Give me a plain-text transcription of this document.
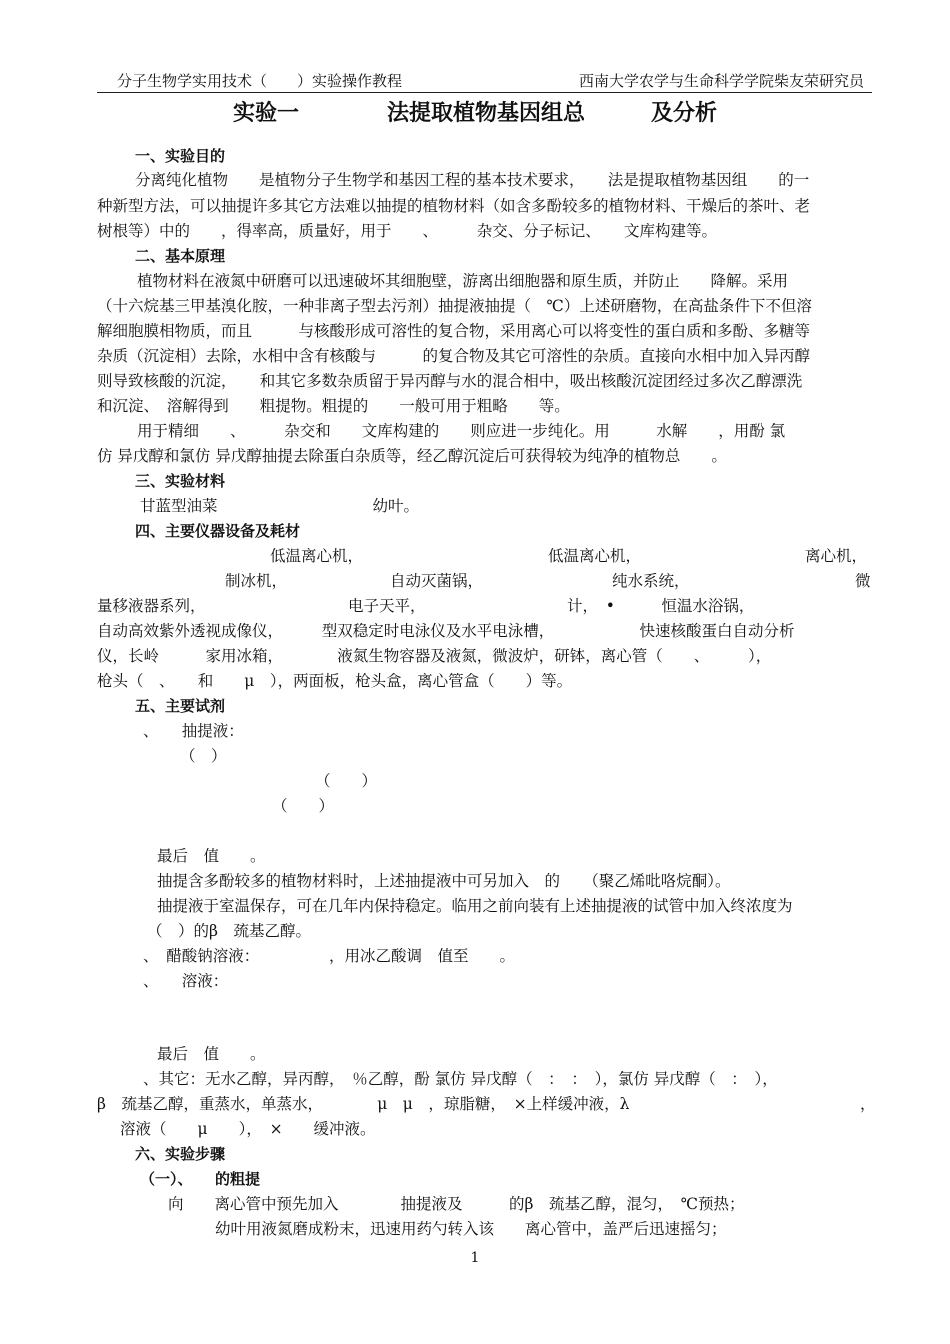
分子生物学实用技术（　　）实验操作教程	西南大学农学与生命科学学院柴友荣研究员
实验一　　　　法提取植物基因组总　　　及分析
一、实验目的
分离纯化植物　　是植物分子生物学和基因工程的基本技术要求，　　法是提取植物基因组　　的一
种新型方法，可以抽提许多其它方法难以抽提的植物材料（如含多酚较多的植物材料、干燥后的茶叶、老
树根等）中的　　，得率高，质量好，用于　　、　　　杂交、分子标记、　　文库构建等。
二、基本原理
植物材料在液氮中研磨可以迅速破坏其细胞壁，游离出细胞器和原生质，并防止　　降解。采用
（十六烷基三甲基溴化胺，一种非离子型去污剂）抽提液抽提（　℃）上述研磨物，在高盐条件下不但溶
解细胞膜相物质，而且　　　与核酸形成可溶性的复合物，采用离心可以将变性的蛋白质和多酚、多糖等
杂质（沉淀相）去除，水相中含有核酸与　　　的复合物及其它可溶性的杂质。直接向水相中加入异丙醇
则导致核酸的沉淀，　　和其它多数杂质留于异丙醇与水的混合相中，吸出核酸沉淀团经过多次乙醇漂洗
和沉淀、　溶解得到　　粗提物。粗提的　　一般可用于粗略　　等。
用于精细　　、　　　杂交和　　文库构建的　　则应进一步纯化。用　　　水解　　，用酚 氯
仿 异戊醇和氯仿 异戊醇抽提去除蛋白杂质等，经乙醇沉淀后可获得较为纯净的植物总　　。
三、实验材料
甘蓝型油菜　　　　　　　　　　幼叶。
四、主要仪器设备及耗材
低温离心机，	低温离心机，	离心机，
制冰机，	自动灭菌锅，	纯水系统，	微
量移液器系列，	电子天平，	计，　•　　　恒温水浴锅，
自动高效紫外透视成像仪，　　　型双稳定时电泳仪及水平电泳槽，　　　　　　快速核酸蛋白自动分析
仪，长岭　　　家用冰箱，　　　　液氮生物容器及液氮，微波炉，研钵，离心管（　　、　　　），
枪头（　、　　和　　μ　），两面板，枪头盒，离心管盒（　　）等。
五、主要试剂
、　　抽提液：
（　）
（　　）
（　　）
最后　值　　。
抽提含多酚较多的植物材料时，上述抽提液中可另加入　的　　（聚乙烯吡咯烷酮）。
抽提液于室温保存，可在几年内保持稳定。临用之前向装有上述抽提液的试管中加入终浓度为
（　）的β　巯基乙醇。
、　醋酸钠溶液：　　　　　，用冰乙酸调　值至　　。
、　　溶液：
最后　值　　。
、其它：无水乙醇，异丙醇，　％乙醇，酚 氯仿 异戊醇（　：　：　），氯仿 异戊醇（　：　），
β　巯基乙醇，重蒸水，单蒸水，　　　　μ　μ　，琼脂糖，　×上样缓冲液，λ	，
溶液（　　μ　　），　×　　缓冲液。
六、实验步骤
（一）、　　的粗提
向　　离心管中预先加入　　　　抽提液及　　　的β　巯基乙醇，混匀，　℃预热；
幼叶用液氮磨成粉末，迅速用药勺转入该　　离心管中，盖严后迅速摇匀；
1
